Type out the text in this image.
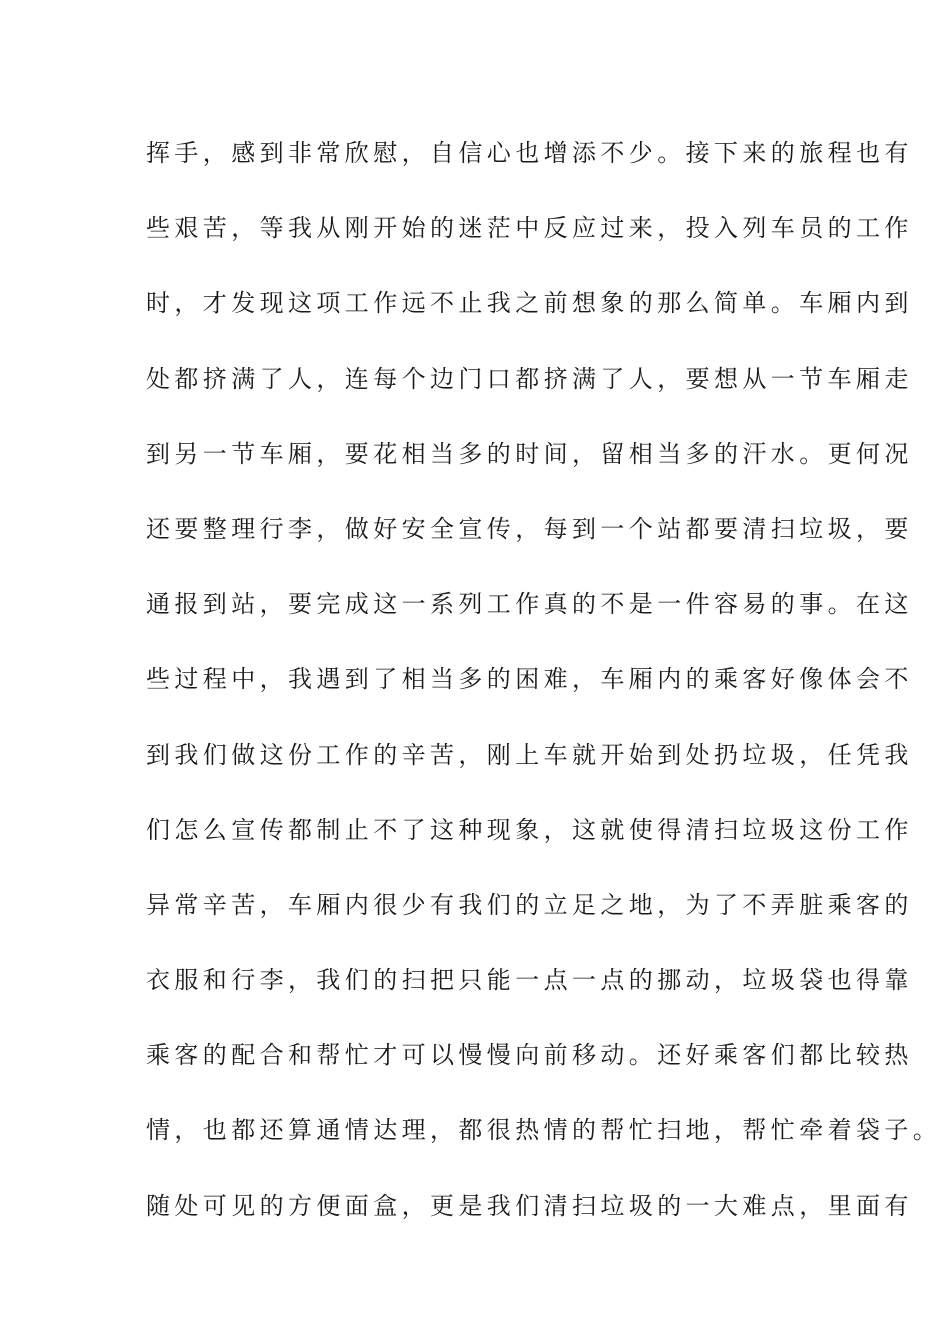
挥手，感到非常欣慰，自信心也增添不少。接下来的旅程也有
些艰苦，等我从刚开始的迷茫中反应过来，投入列车员的工作
时，才发现这项工作远不止我之前想象的那么简单。车厢内到
处都挤满了人，连每个边门口都挤满了人，要想从一节车厢走
到另一节车厢，要花相当多的时间，留相当多的汗水。更何况
还要整理行李，做好安全宣传，每到一个站都要清扫垃圾，要
通报到站，要完成这一系列工作真的不是一件容易的事。在这
些过程中，我遇到了相当多的困难，车厢内的乘客好像体会不
到我们做这份工作的辛苦，刚上车就开始到处扔垃圾，任凭我
们怎么宣传都制止不了这种现象，这就使得清扫垃圾这份工作
异常辛苦，车厢内很少有我们的立足之地，为了不弄脏乘客的
衣服和行李，我们的扫把只能一点一点的挪动，垃圾袋也得靠
乘客的配合和帮忙才可以慢慢向前移动。还好乘客们都比较热
情，也都还算通情达理，都很热情的帮忙扫地，帮忙牵着袋子。
随处可见的方便面盒，更是我们清扫垃圾的一大难点，里面有
